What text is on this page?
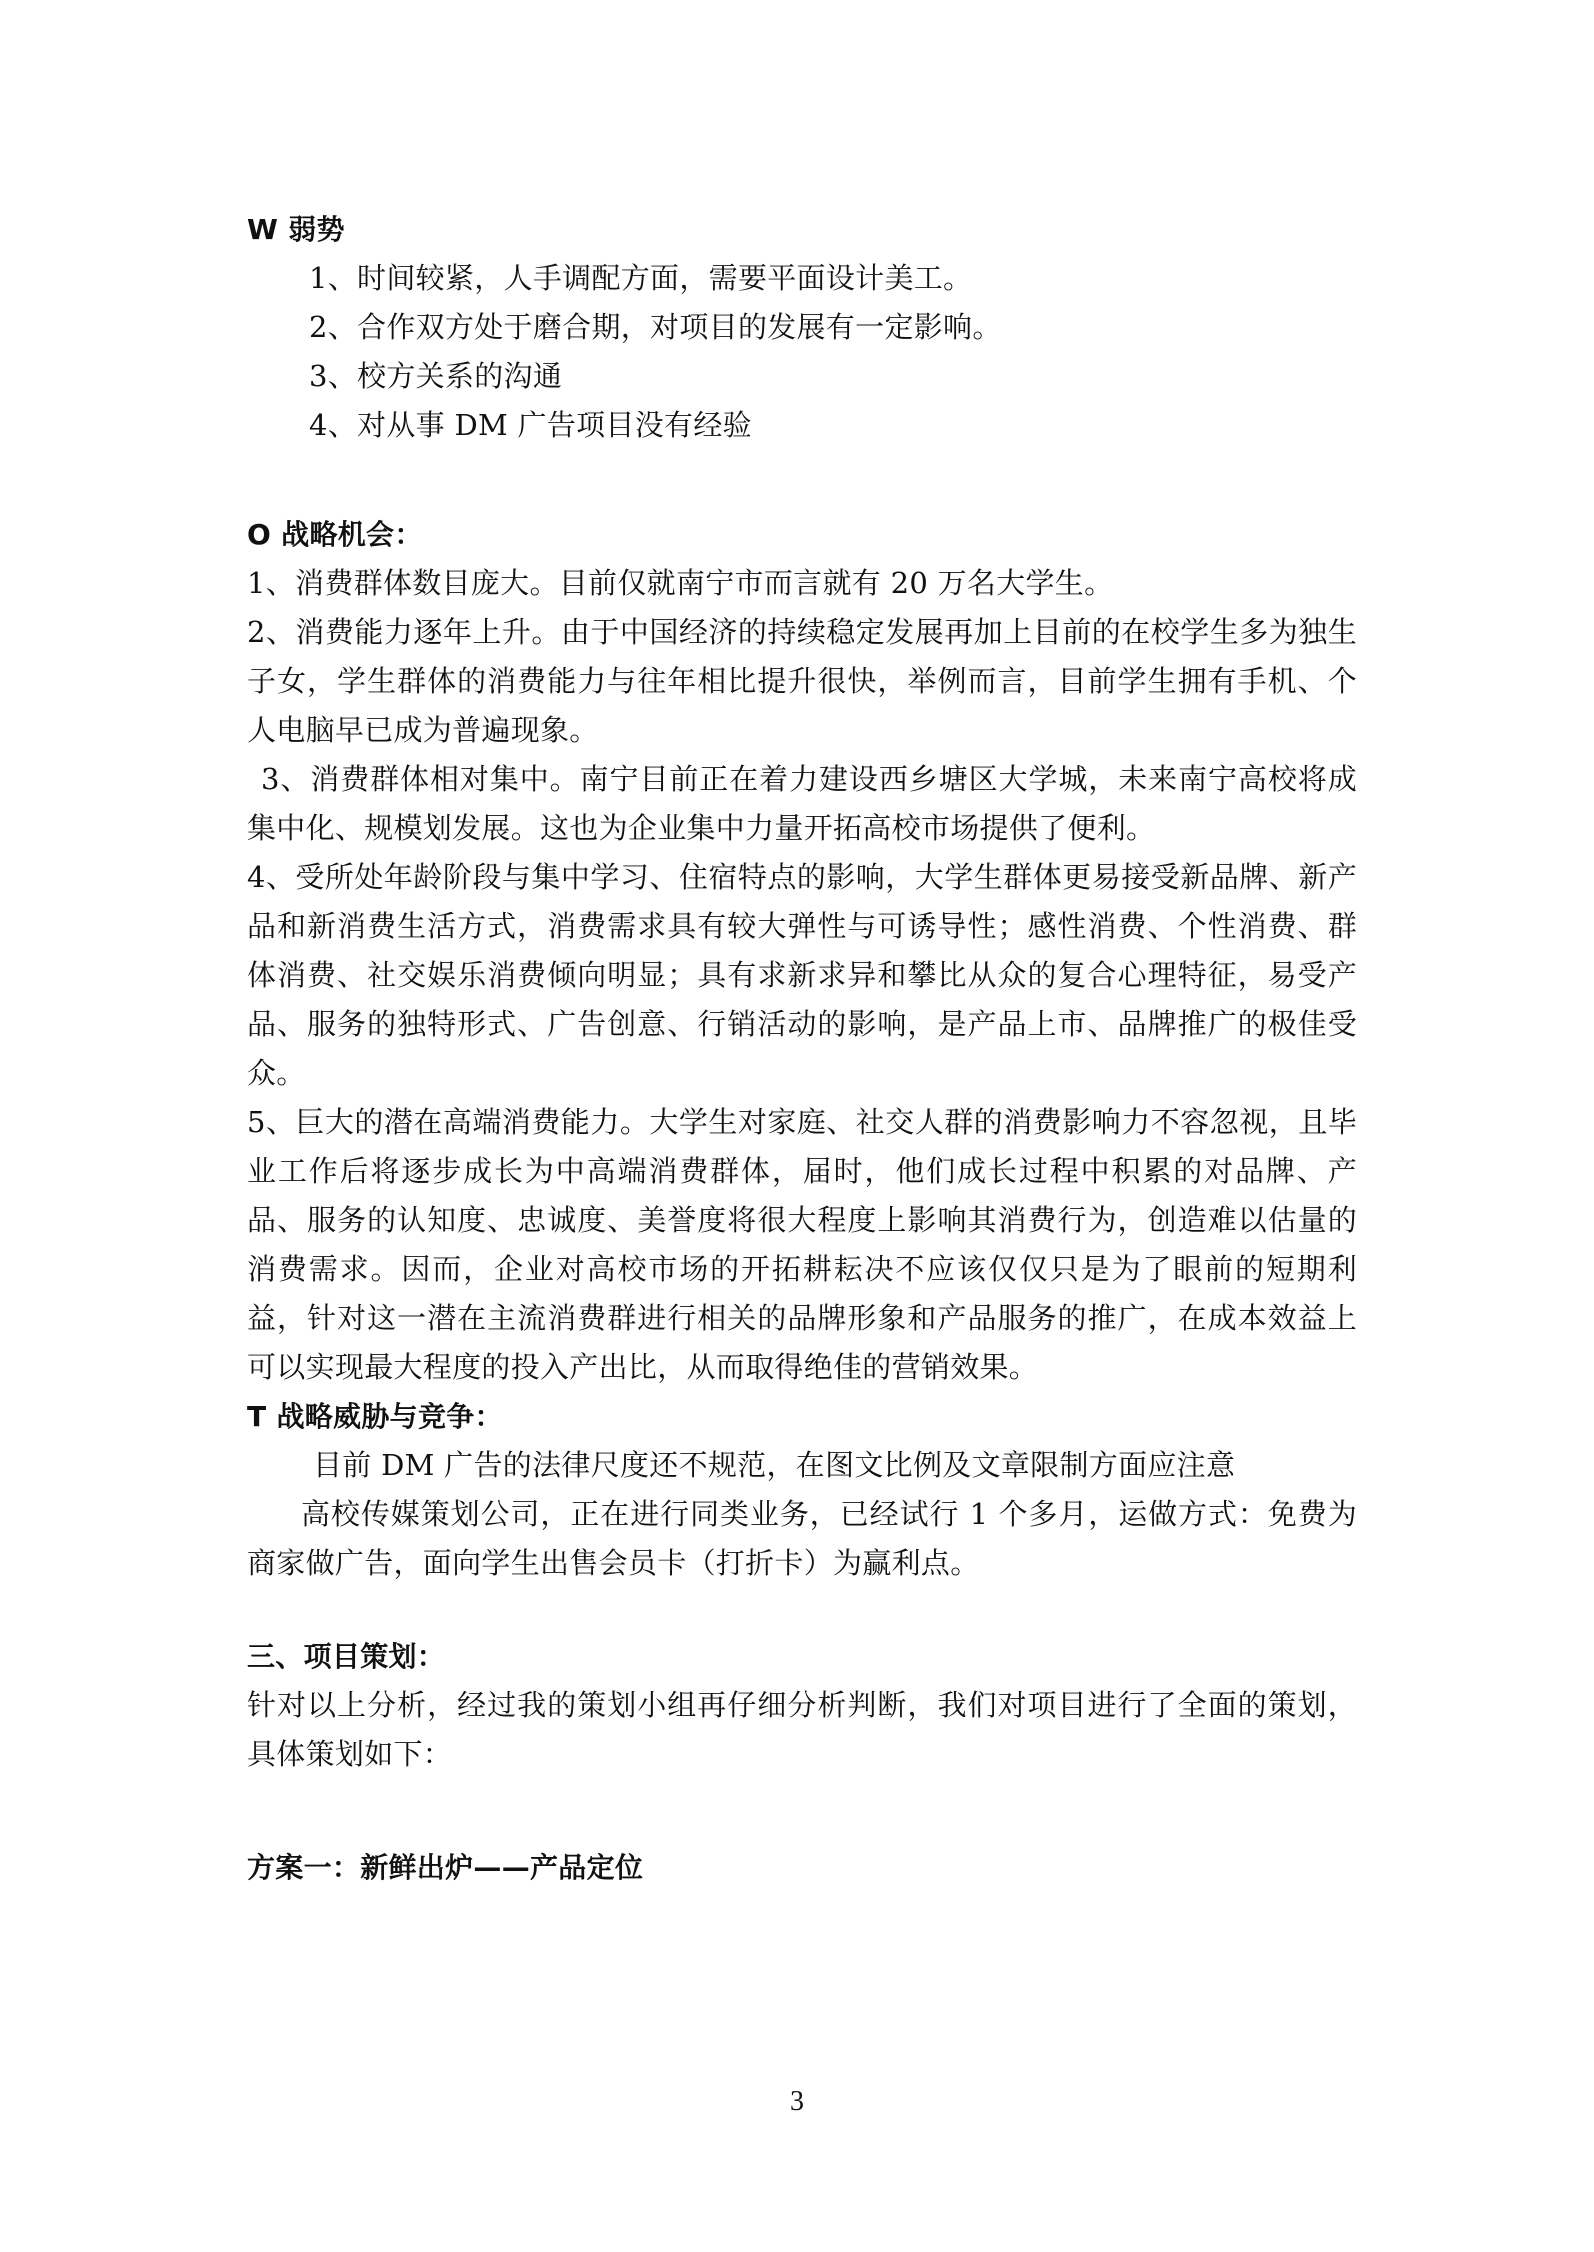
W 弱势

1、时间较紧，人手调配方面，需要平面设计美工。

2、合作双方处于磨合期，对项目的发展有一定影响。

3、校方关系的沟通

4、对从事 DM 广告项目没有经验

O 战略机会：

1、消费群体数目庞大。目前仅就南宁市而言就有 20 万名大学生。

2、消费能力逐年上升。由于中国经济的持续稳定发展再加上目前的在校学生多为独生子女，学生群体的消费能力与往年相比提升很快，举例而言，目前学生拥有手机、个人电脑早已成为普遍现象。

3、消费群体相对集中。南宁目前正在着力建设西乡塘区大学城，未来南宁高校将成集中化、规模划发展。这也为企业集中力量开拓高校市场提供了便利。

4、受所处年龄阶段与集中学习、住宿特点的影响，大学生群体更易接受新品牌、新产品和新消费生活方式，消费需求具有较大弹性与可诱导性；感性消费、个性消费、群体消费、社交娱乐消费倾向明显；具有求新求异和攀比从众的复合心理特征，易受产品、服务的独特形式、广告创意、行销活动的影响，是产品上市、品牌推广的极佳受众。

5、巨大的潜在高端消费能力。大学生对家庭、社交人群的消费影响力不容忽视，且毕业工作后将逐步成长为中高端消费群体，届时，他们成长过程中积累的对品牌、产品、服务的认知度、忠诚度、美誉度将很大程度上影响其消费行为，创造难以估量的消费需求。因而，企业对高校市场的开拓耕耘决不应该仅仅只是为了眼前的短期利益，针对这一潜在主流消费群进行相关的品牌形象和产品服务的推广，在成本效益上可以实现最大程度的投入产出比，从而取得绝佳的营销效果。

T 战略威胁与竞争：

目前 DM 广告的法律尺度还不规范，在图文比例及文章限制方面应注意

高校传媒策划公司，正在进行同类业务，已经试行 1 个多月，运做方式：免费为商家做广告，面向学生出售会员卡（打折卡）为赢利点。

三、项目策划：

针对以上分析，经过我的策划小组再仔细分析判断，我们对项目进行了全面的策划，具体策划如下：

方案一：新鲜出炉——产品定位

3
